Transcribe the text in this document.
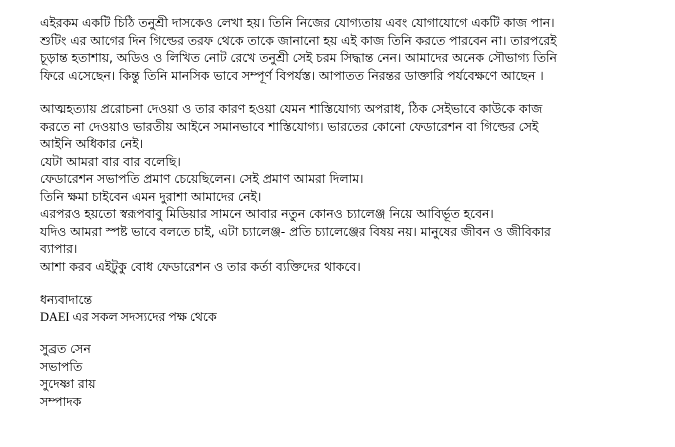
এইরকম একটি চিঠি তনুশ্রী দাসকেও লেখা হয়। তিনি নিজের যোগ্যতায় এবং যোগাযোগে একটি কাজ পান।
শুটিং এর আগের দিন গিল্ডের তরফ থেকে তাকে জানানো হয় এই কাজ তিনি করতে পারবেন না। তারপরেই
চূড়ান্ত হতাশায়, অডিও ও লিখিত নোট রেখে তনুশ্রী সেই চরম সিদ্ধান্ত নেন। আমাদের অনেক সৌভাগ্য তিনি
ফিরে এসেছেন। কিন্তু তিনি মানসিক ভাবে সম্পূর্ণ বিপর্যস্ত। আপাতত নিরন্তর ডাক্তারি পর্যবেক্ষণে আছেন ।
আত্মহত্যায় প্ররোচনা দেওয়া ও তার কারণ হওয়া যেমন শাস্তিযোগ্য অপরাধ, ঠিক সেইভাবে কাউকে কাজ
করতে না দেওয়াও ভারতীয় আইনে সমানভাবে শাস্তিযোগ্য। ভারতের কোনো ফেডারেশন বা গিল্ডের সেই
আইনি অধিকার নেই।
যেটা আমরা বার বার বলেছি।
ফেডারেশন সভাপতি প্রমাণ চেয়েছিলেন। সেই প্রমাণ আমরা দিলাম।
তিনি ক্ষমা চাইবেন এমন দুরাশা আমাদের নেই।
এরপরও হয়তো স্বরূপবাবু মিডিয়ার সামনে আবার নতুন কোনও চ্যালেঞ্জ নিয়ে আবির্ভূত হবেন।
যদিও আমরা স্পষ্ট ভাবে বলতে চাই, এটা চ্যালেঞ্জ- প্রতি চ্যালেঞ্জের বিষয় নয়। মানুষের জীবন ও জীবিকার
ব্যাপার।
আশা করব এইটুকু বোধ ফেডারেশন ও তার কর্তা ব্যক্তিদের থাকবে।
ধন্যবাদান্তে
DAEI এর সকল সদস্যদের পক্ষ থেকে
সুব্রত সেন
সভাপতি
সুদেষ্ণা রায়
সম্পাদক
